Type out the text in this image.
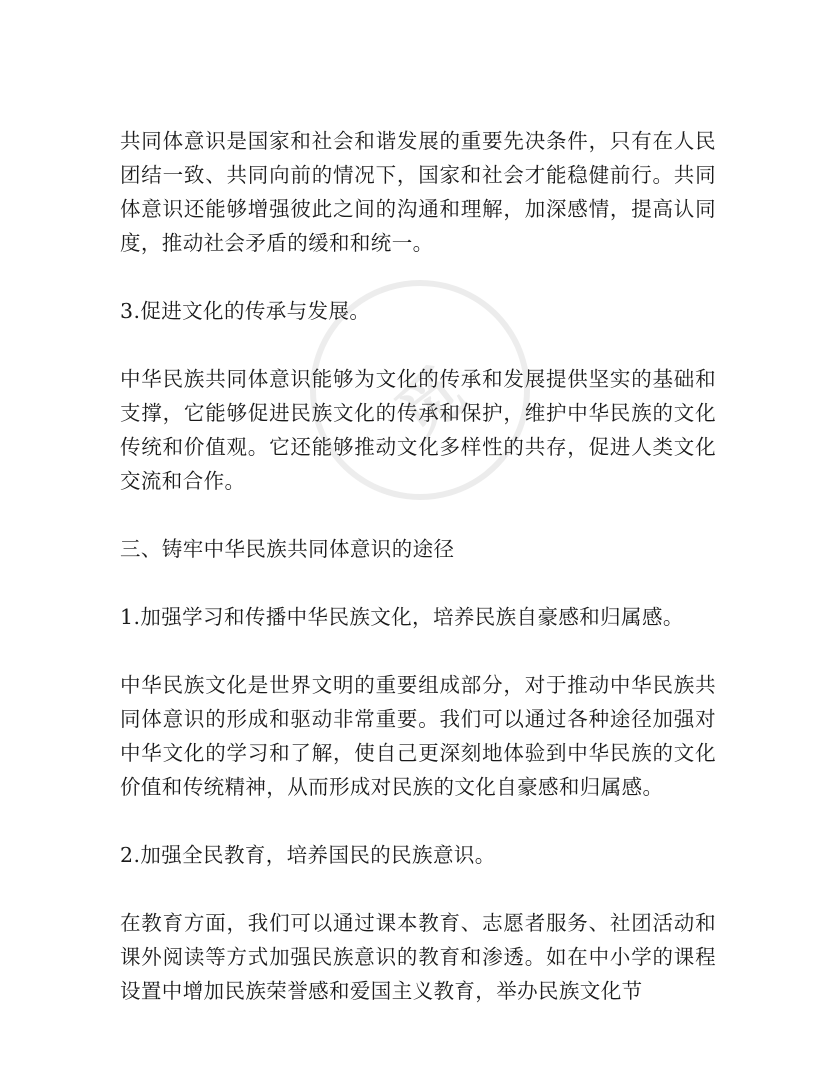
觅

共同体意识是国家和社会和谐发展的重要先决条件，只有在人民团结一致、共同向前的情况下，国家和社会才能稳健前行。共同体意识还能够增强彼此之间的沟通和理解，加深感情，提高认同度，推动社会矛盾的缓和和统一。

3.促进文化的传承与发展。

中华民族共同体意识能够为文化的传承和发展提供坚实的基础和支撑，它能够促进民族文化的传承和保护，维护中华民族的文化传统和价值观。它还能够推动文化多样性的共存，促进人类文化交流和合作。

三、铸牢中华民族共同体意识的途径

1.加强学习和传播中华民族文化，培养民族自豪感和归属感。

中华民族文化是世界文明的重要组成部分，对于推动中华民族共同体意识的形成和驱动非常重要。我们可以通过各种途径加强对中华文化的学习和了解，使自己更深刻地体验到中华民族的文化价值和传统精神，从而形成对民族的文化自豪感和归属感。

2.加强全民教育，培养国民的民族意识。

在教育方面，我们可以通过课本教育、志愿者服务、社团活动和课外阅读等方式加强民族意识的教育和渗透。如在中小学的课程设置中增加民族荣誉感和爱国主义教育，举办民族文化节
